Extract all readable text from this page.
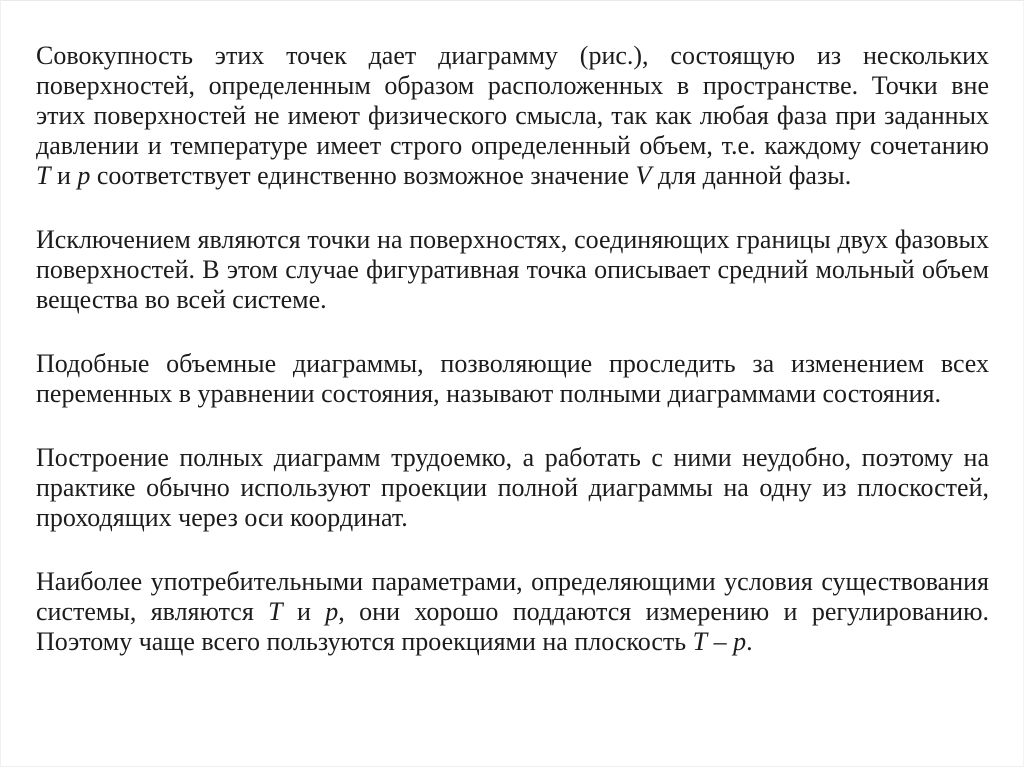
Совокупность этих точек дает диаграмму (рис.), состоящую из нескольких поверхностей, определенным образом расположенных в пространстве. Точки вне этих поверхностей не имеют физического смысла, так как любая фаза при заданных давлении и температуре имеет строго определенный объем, т.е. каждому сочетанию T и p соответствует единственно возможное значение V для данной фазы.

Исключением являются точки на поверхностях, соединяющих границы двух фазовых поверхностей. В этом случае фигуративная точка описывает средний мольный объем вещества во всей системе.

Подобные объемные диаграммы, позволяющие проследить за изменением всех переменных в уравнении состояния, называют полными диаграммами состояния.

Построение полных диаграмм трудоемко, а работать с ними неудобно, поэтому на практике обычно используют проекции полной диаграммы на одну из плоскостей, проходящих через оси координат.

Наиболее употребительными параметрами, определяющими условия существования системы, являются T и p, они хорошо поддаются измерению и регулированию. Поэтому чаще всего пользуются проекциями на плоскость T – p.
